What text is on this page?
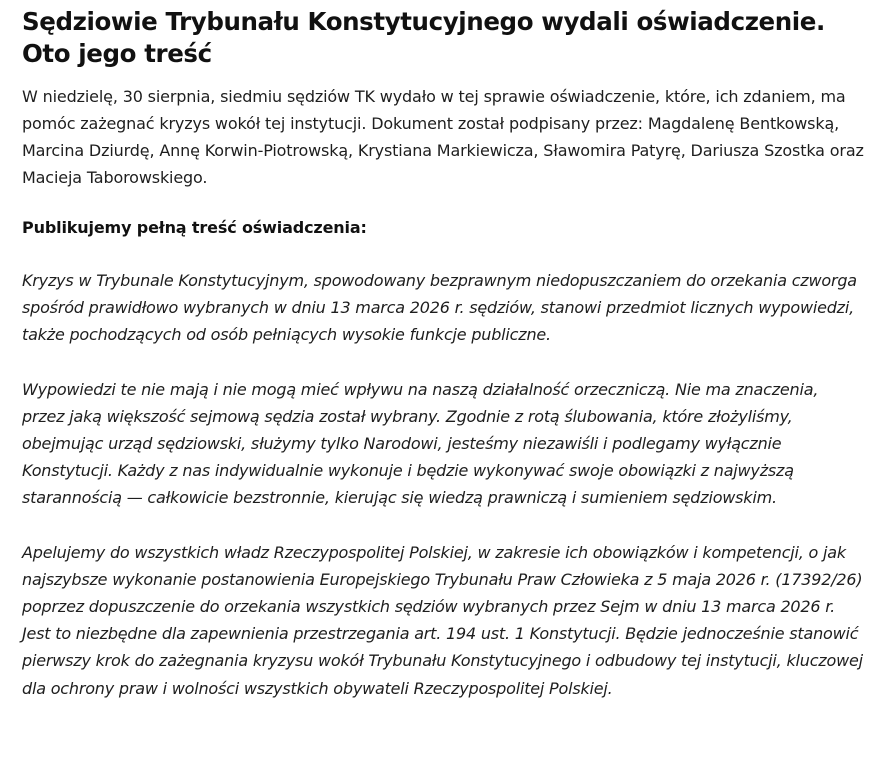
Sędziowie Trybunału Konstytucyjnego wydali oświadczenie. Oto jego treść

W niedzielę, 30 sierpnia, siedmiu sędziów TK wydało w tej sprawie oświadczenie, które, ich zdaniem, ma pomóc zażegnać kryzys wokół tej instytucji. Dokument został podpisany przez: Magdalenę Bentkowską, Marcina Dziurdę, Annę Korwin-Piotrowską, Krystiana Markiewicza, Sławomira Patyrę, Dariusza Szostka oraz Macieja Taborowskiego.

Publikujemy pełną treść oświadczenia:

Kryzys w Trybunale Konstytucyjnym, spowodowany bezprawnym niedopuszczaniem do orzekania czworga spośród prawidłowo wybranych w dniu 13 marca 2026 r. sędziów, stanowi przedmiot licznych wypowiedzi, także pochodzących od osób pełniących wysokie funkcje publiczne.

Wypowiedzi te nie mają i nie mogą mieć wpływu na naszą działalność orzeczniczą. Nie ma znaczenia, przez jaką większość sejmową sędzia został wybrany. Zgodnie z rotą ślubowania, które złożyliśmy, obejmując urząd sędziowski, służymy tylko Narodowi, jesteśmy niezawiśli i podlegamy wyłącznie Konstytucji. Każdy z nas indywidualnie wykonuje i będzie wykonywać swoje obowiązki z najwyższą starannością — całkowicie bezstronnie, kierując się wiedzą prawniczą i sumieniem sędziowskim.

Apelujemy do wszystkich władz Rzeczypospolitej Polskiej, w zakresie ich obowiązków i kompetencji, o jak najszybsze wykonanie postanowienia Europejskiego Trybunału Praw Człowieka z 5 maja 2026 r. (17392/26) poprzez dopuszczenie do orzekania wszystkich sędziów wybranych przez Sejm w dniu 13 marca 2026 r. Jest to niezbędne dla zapewnienia przestrzegania art. 194 ust. 1 Konstytucji. Będzie jednocześnie stanowić pierwszy krok do zażegnania kryzysu wokół Trybunału Konstytucyjnego i odbudowy tej instytucji, kluczowej dla ochrony praw i wolności wszystkich obywateli Rzeczypospolitej Polskiej.
